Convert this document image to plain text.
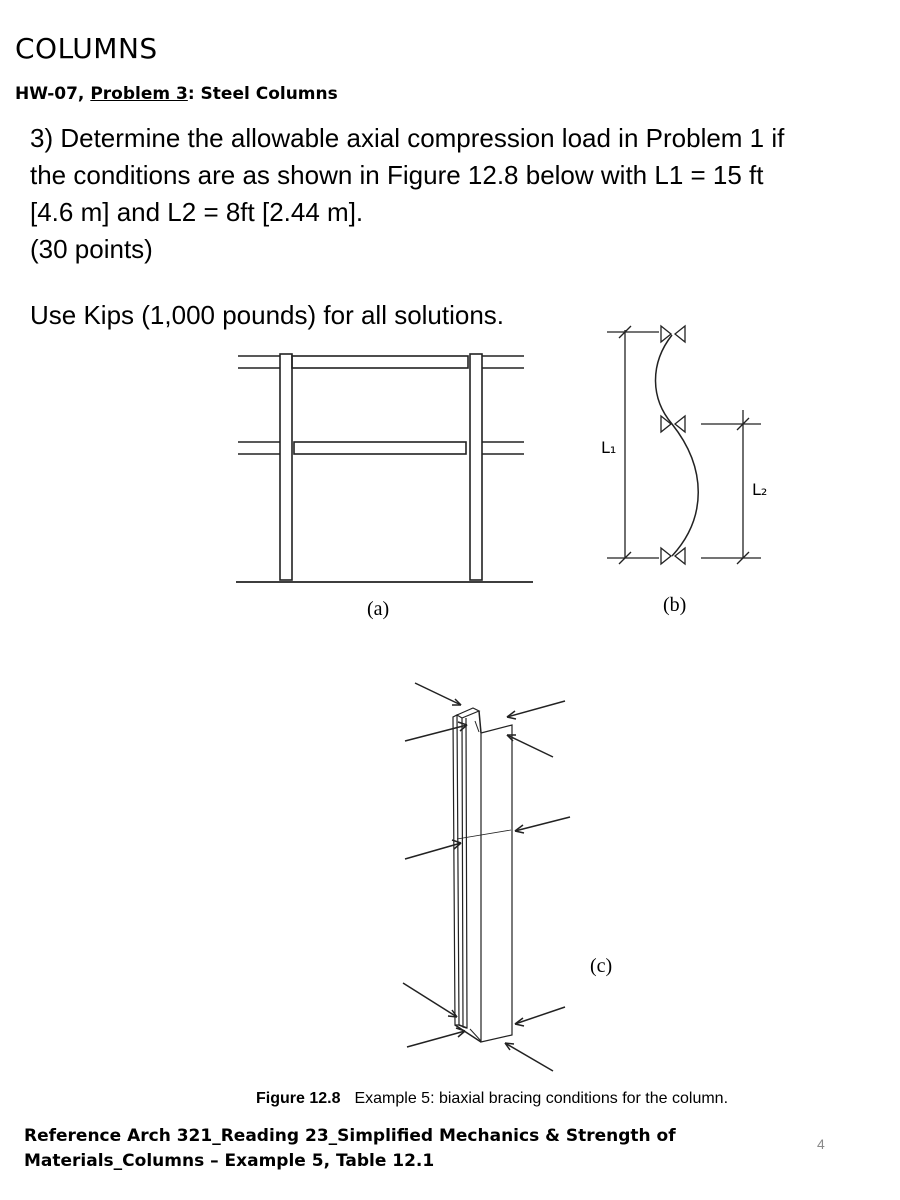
COLUMNS
HW-07, Problem 3: Steel Columns
3) Determine the allowable axial compression load in Problem 1 if
the conditions are as shown in Figure 12.8 below with L1 = 15 ft
[4.6 m] and L2 = 8ft [2.44 m].
(30 points)
Use Kips (1,000 pounds) for all solutions.
(a)
L₁
L₂
(b)
(c)
Figure 12.8 Example 5: biaxial bracing conditions for the column.
Reference Arch 321_Reading 23_Simplified Mechanics & Strength of
Materials_Columns – Example 5, Table 12.1
4
